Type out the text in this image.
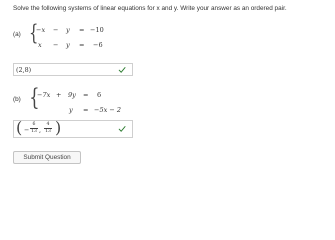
Solve the following systems of linear equations for x and y. Write your answer as an ordered pair.
(a) {
−x − y = −10
x − y = −6
(2,8)
(b) {
−7x + 9y = 6
y = −5x − 2
( −
6
13 ,
4
13 )
Submit Question
